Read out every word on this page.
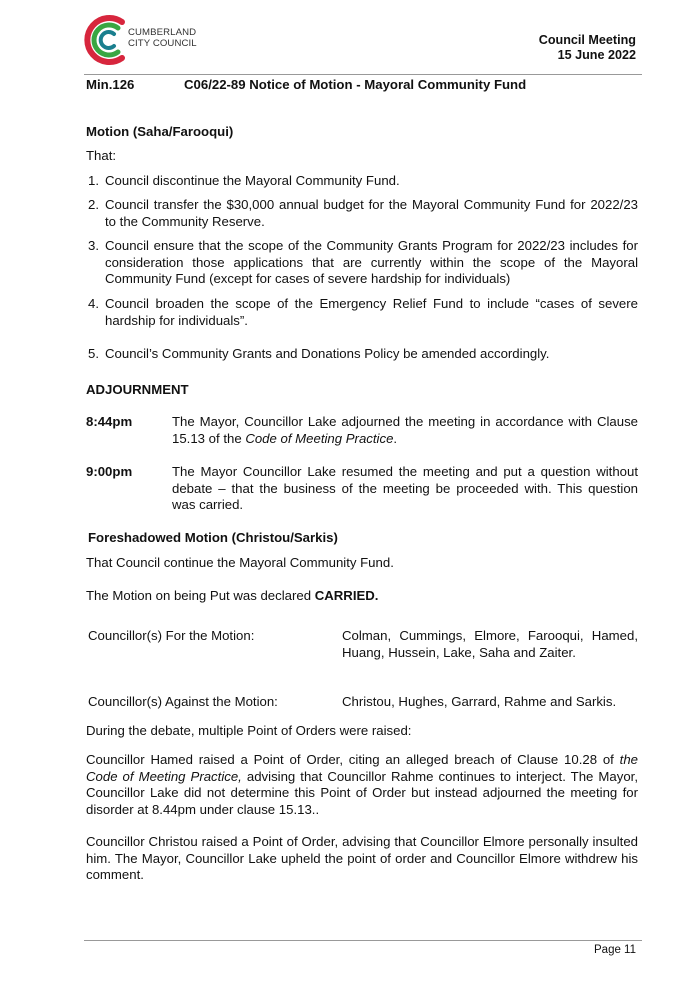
CUMBERLAND
CITY COUNCIL	Council Meeting
15 June 2022
Min.126	C06/22-89 Notice of Motion - Mayoral Community Fund
Motion (Saha/Farooqui)
That:
1. Council discontinue the Mayoral Community Fund.
2. Council transfer the $30,000 annual budget for the Mayoral Community Fund for 2022/23 to the Community Reserve.
3. Council ensure that the scope of the Community Grants Program for 2022/23 includes for consideration those applications that are currently within the scope of the Mayoral Community Fund (except for cases of severe hardship for individuals)
4. Council broaden the scope of the Emergency Relief Fund to include “cases of severe hardship for individuals”.
5. Council’s Community Grants and Donations Policy be amended accordingly.
ADJOURNMENT
8:44pm	The Mayor, Councillor Lake adjourned the meeting in accordance with Clause 15.13 of the Code of Meeting Practice.
9:00pm	The Mayor Councillor Lake resumed the meeting and put a question without debate – that the business of the meeting be proceeded with. This question was carried.
Foreshadowed Motion (Christou/Sarkis)
That Council continue the Mayoral Community Fund.
The Motion on being Put was declared CARRIED.
Councillor(s) For the Motion:	Colman, Cummings, Elmore, Farooqui, Hamed, Huang, Hussein, Lake, Saha and Zaiter.
Councillor(s) Against the Motion:	Christou, Hughes, Garrard, Rahme and Sarkis.
During the debate, multiple Point of Orders were raised:
Councillor Hamed raised a Point of Order, citing an alleged breach of Clause 10.28 of the Code of Meeting Practice, advising that Councillor Rahme continues to interject. The Mayor, Councillor Lake did not determine this Point of Order but instead adjourned the meeting for disorder at 8.44pm under clause 15.13..
Councillor Christou raised a Point of Order, advising that Councillor Elmore personally insulted him. The Mayor, Councillor Lake upheld the point of order and Councillor Elmore withdrew his comment.
Page 11
